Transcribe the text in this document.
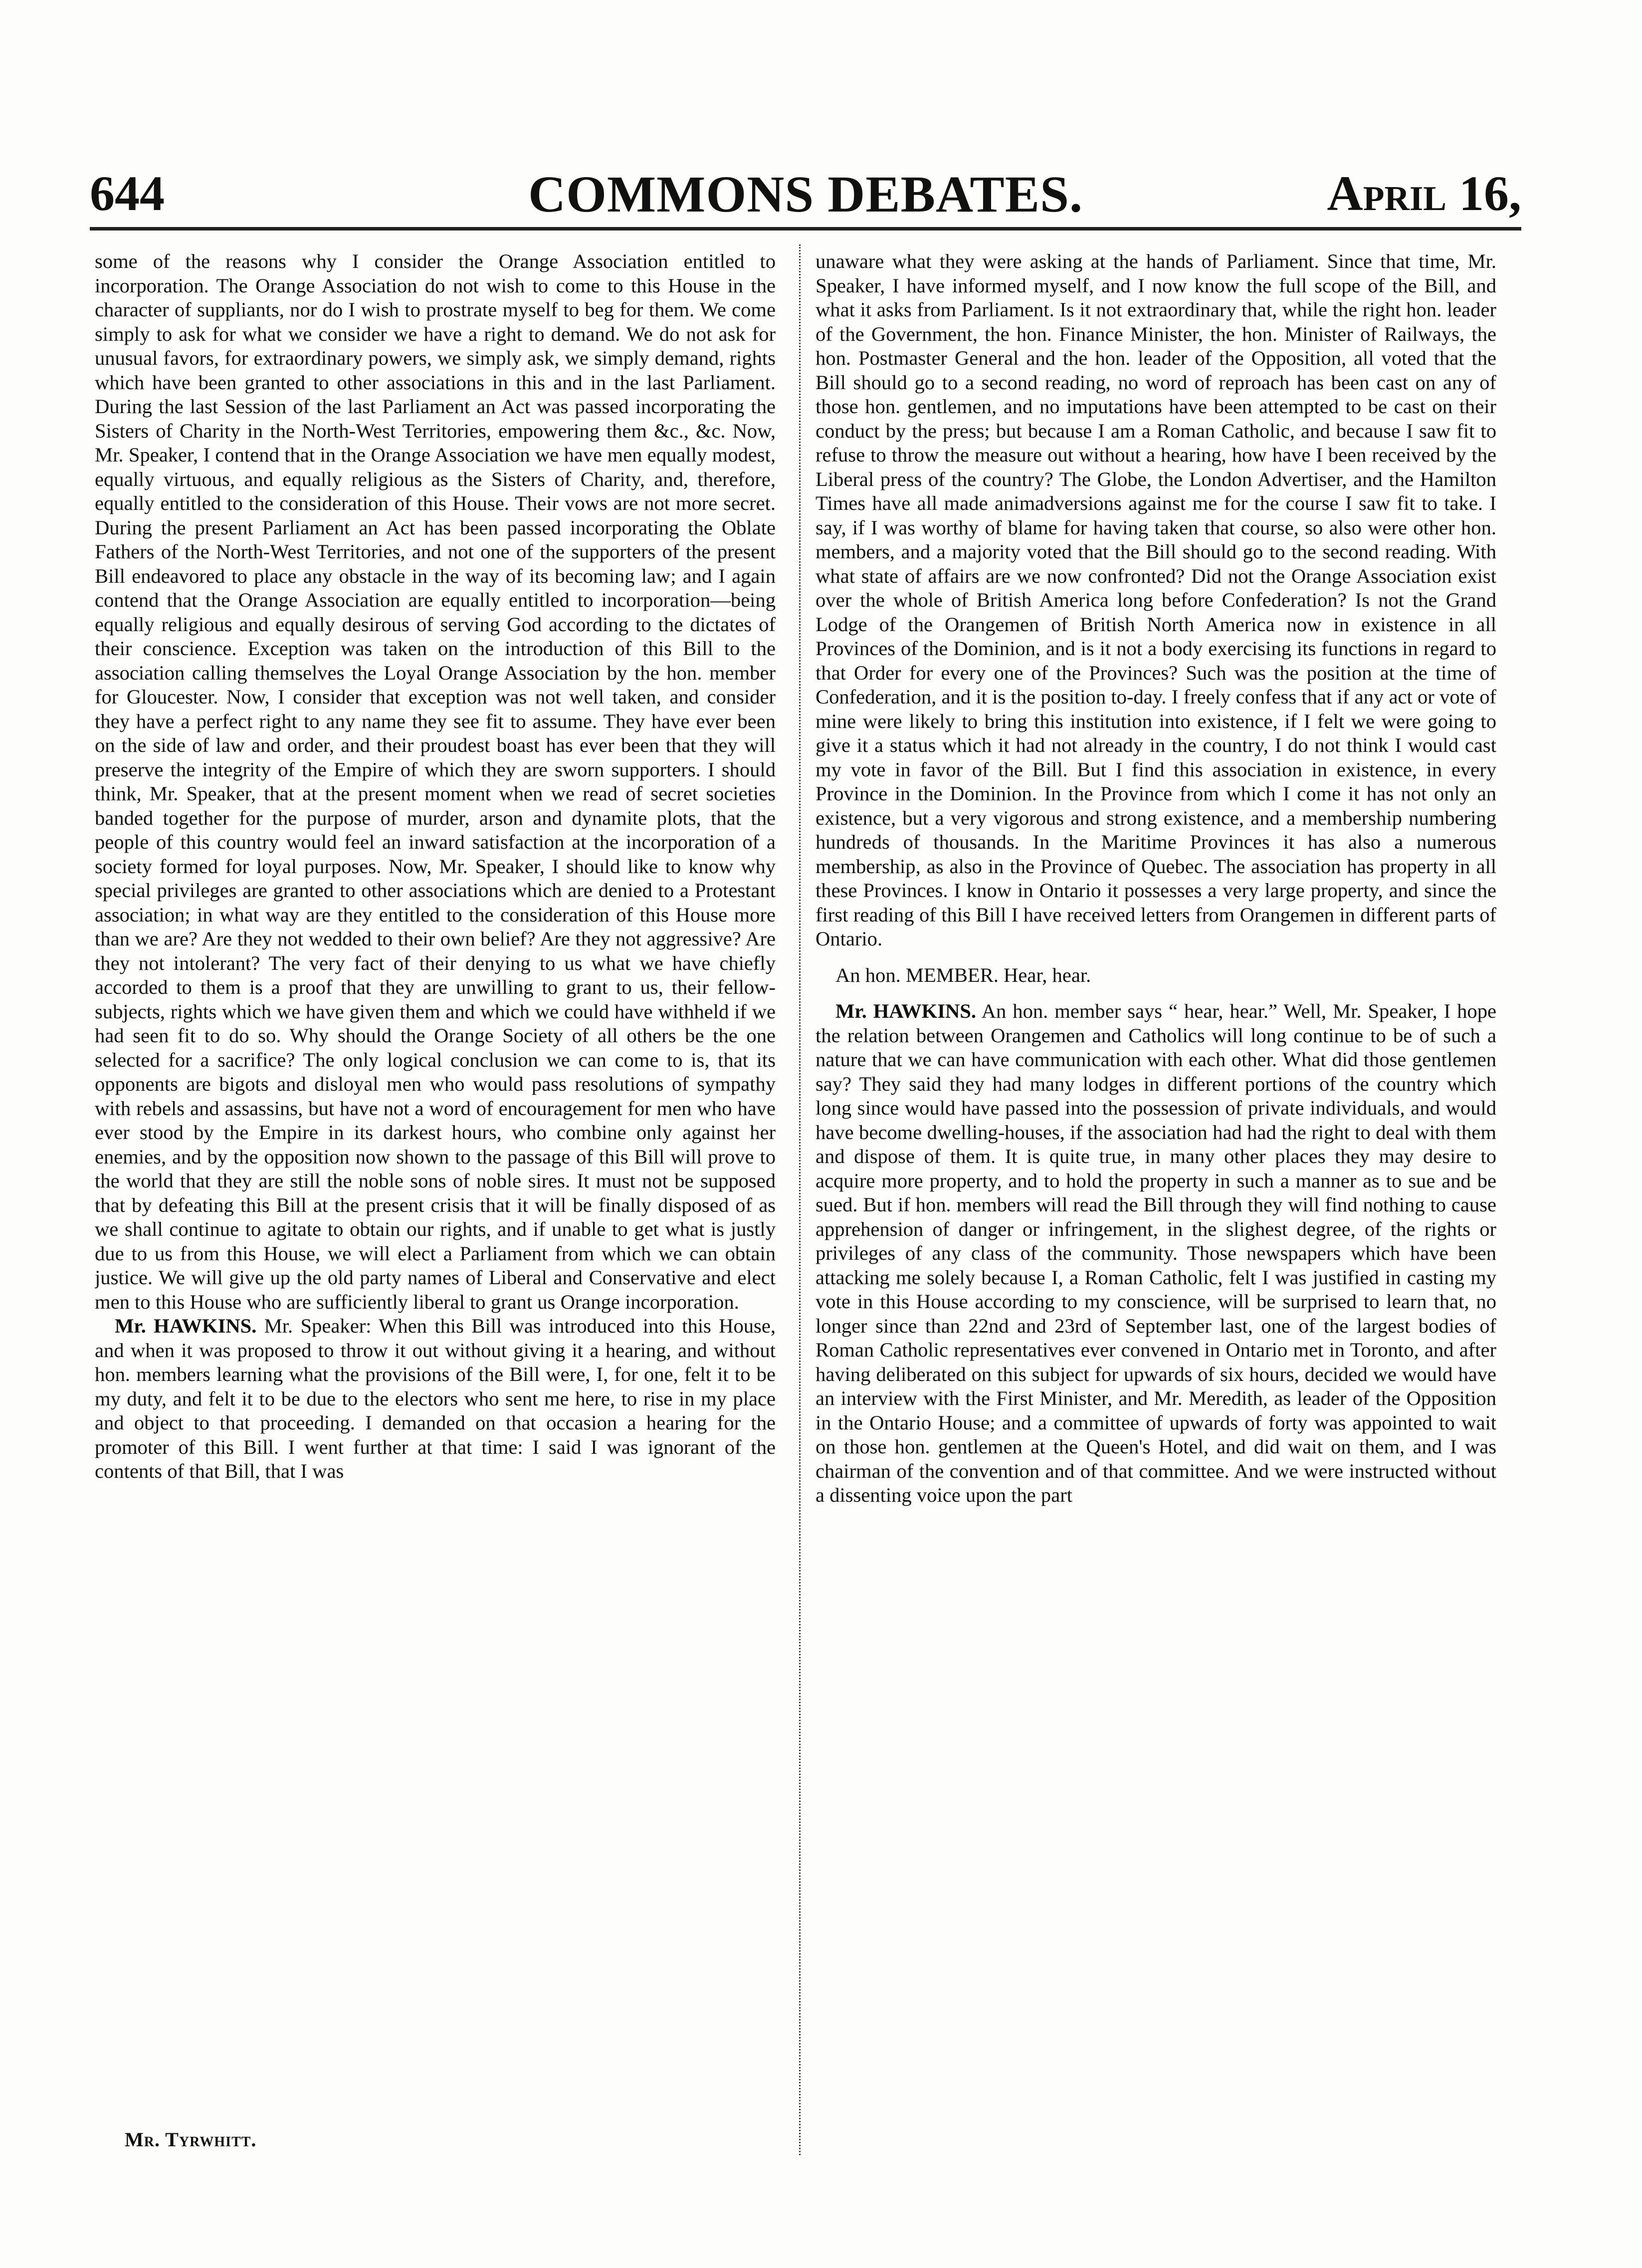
644	COMMONS DEBATES.	April 16,

some of the reasons why I consider the Orange Association entitled to incorporation. The Orange Association do not wish to come to this House in the character of suppliants, nor do I wish to prostrate myself to beg for them. We come simply to ask for what we consider we have a right to demand. We do not ask for unusual favors, for extraordinary powers, we simply ask, we simply demand, rights which have been granted to other associations in this and in the last Parliament. During the last Session of the last Parliament an Act was passed incorporating the Sisters of Charity in the North-West Territories, empowering them &c., &c. Now, Mr. Speaker, I contend that in the Orange Association we have men equally modest, equally virtuous, and equally religious as the Sisters of Charity, and, therefore, equally entitled to the consideration of this House. Their vows are not more secret. During the present Parliament an Act has been passed incorporating the Oblate Fathers of the North-West Territories, and not one of the supporters of the present Bill endeavored to place any obstacle in the way of its becoming law; and I again contend that the Orange Association are equally entitled to incorporation—being equally religious and equally desirous of serving God according to the dictates of their conscience. Exception was taken on the introduction of this Bill to the association calling themselves the Loyal Orange Association by the hon. member for Gloucester. Now, I consider that exception was not well taken, and consider they have a perfect right to any name they see fit to assume. They have ever been on the side of law and order, and their proudest boast has ever been that they will preserve the integrity of the Empire of which they are sworn supporters. I should think, Mr. Speaker, that at the present moment when we read of secret societies banded together for the purpose of murder, arson and dynamite plots, that the people of this country would feel an inward satisfaction at the incorporation of a society formed for loyal purposes. Now, Mr. Speaker, I should like to know why special privileges are granted to other associations which are denied to a Protestant association; in what way are they entitled to the consideration of this House more than we are? Are they not wedded to their own belief? Are they not aggressive? Are they not intolerant? The very fact of their denying to us what we have chiefly accorded to them is a proof that they are unwilling to grant to us, their fellow-subjects, rights which we have given them and which we could have withheld if we had seen fit to do so. Why should the Orange Society of all others be the one selected for a sacrifice? The only logical conclusion we can come to is, that its opponents are bigots and disloyal men who would pass resolutions of sympathy with rebels and assassins, but have not a word of encouragement for men who have ever stood by the Empire in its darkest hours, who combine only against her enemies, and by the opposition now shown to the passage of this Bill will prove to the world that they are still the noble sons of noble sires. It must not be supposed that by defeating this Bill at the present crisis that it will be finally disposed of as we shall continue to agitate to obtain our rights, and if unable to get what is justly due to us from this House, we will elect a Parliament from which we can obtain justice. We will give up the old party names of Liberal and Conservative and elect men to this House who are sufficiently liberal to grant us Orange incorporation.

Mr. HAWKINS. Mr. Speaker: When this Bill was introduced into this House, and when it was proposed to throw it out without giving it a hearing, and without hon. members learning what the provisions of the Bill were, I, for one, felt it to be my duty, and felt it to be due to the electors who sent me here, to rise in my place and object to that proceeding. I demanded on that occasion a hearing for the promoter of this Bill. I went further at that time: I said I was ignorant of the contents of that Bill, that I was

unaware what they were asking at the hands of Parliament. Since that time, Mr. Speaker, I have informed myself, and I now know the full scope of the Bill, and what it asks from Parliament. Is it not extraordinary that, while the right hon. leader of the Government, the hon. Finance Minister, the hon. Minister of Railways, the hon. Postmaster General and the hon. leader of the Opposition, all voted that the Bill should go to a second reading, no word of reproach has been cast on any of those hon. gentlemen, and no imputations have been attempted to be cast on their conduct by the press; but because I am a Roman Catholic, and because I saw fit to refuse to throw the measure out without a hearing, how have I been received by the Liberal press of the country? The Globe, the London Advertiser, and the Hamilton Times have all made animadversions against me for the course I saw fit to take. I say, if I was worthy of blame for having taken that course, so also were other hon. members, and a majority voted that the Bill should go to the second reading. With what state of affairs are we now confronted? Did not the Orange Association exist over the whole of British America long before Confederation? Is not the Grand Lodge of the Orangemen of British North America now in existence in all Provinces of the Dominion, and is it not a body exercising its functions in regard to that Order for every one of the Provinces? Such was the position at the time of Confederation, and it is the position to-day. I freely confess that if any act or vote of mine were likely to bring this institution into existence, if I felt we were going to give it a status which it had not already in the country, I do not think I would cast my vote in favor of the Bill. But I find this association in existence, in every Province in the Dominion. In the Province from which I come it has not only an existence, but a very vigorous and strong existence, and a membership numbering hundreds of thousands. In the Maritime Provinces it has also a numerous membership, as also in the Province of Quebec. The association has property in all these Provinces. I know in Ontario it possesses a very large property, and since the first reading of this Bill I have received letters from Orangemen in different parts of Ontario.

An hon. MEMBER. Hear, hear.

Mr. HAWKINS. An hon. member says “ hear, hear.” Well, Mr. Speaker, I hope the relation between Orangemen and Catholics will long continue to be of such a nature that we can have communication with each other. What did those gentlemen say? They said they had many lodges in different portions of the country which long since would have passed into the possession of private individuals, and would have become dwelling-houses, if the association had had the right to deal with them and dispose of them. It is quite true, in many other places they may desire to acquire more property, and to hold the property in such a manner as to sue and be sued. But if hon. members will read the Bill through they will find nothing to cause apprehension of danger or infringement, in the slighest degree, of the rights or privileges of any class of the community. Those newspapers which have been attacking me solely because I, a Roman Catholic, felt I was justified in casting my vote in this House according to my conscience, will be surprised to learn that, no longer since than 22nd and 23rd of September last, one of the largest bodies of Roman Catholic representatives ever convened in Ontario met in Toronto, and after having deliberated on this subject for upwards of six hours, decided we would have an interview with the First Minister, and Mr. Meredith, as leader of the Opposition in the Ontario House; and a committee of upwards of forty was appointed to wait on those hon. gentlemen at the Queen's Hotel, and did wait on them, and I was chairman of the convention and of that committee. And we were instructed without a dissenting voice upon the part

Mr. Tyrwhitt.
